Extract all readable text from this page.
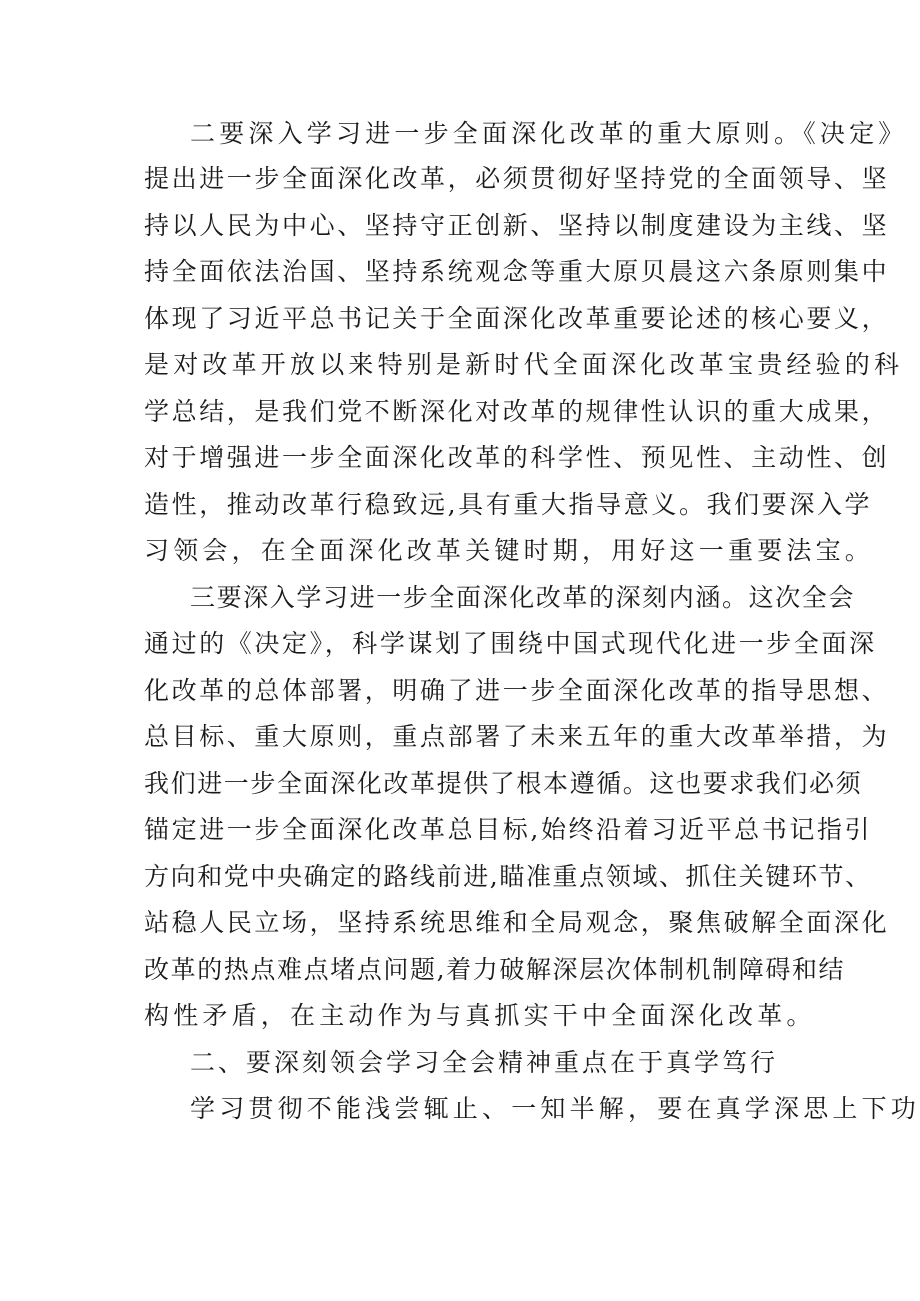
二要深入学习进一步全面深化改革的重大原则。《决定》
提出进一步全面深化改革，必须贯彻好坚持党的全面领导、坚
持以人民为中心、坚持守正创新、坚持以制度建设为主线、坚
持全面依法治国、坚持系统观念等重大原贝晨这六条原则集中
体现了习近平总书记关于全面深化改革重要论述的核心要义，
是对改革开放以来特别是新时代全面深化改革宝贵经验的科
学总结，是我们党不断深化对改革的规律性认识的重大成果，
对于增强进一步全面深化改革的科学性、预见性、主动性、创
造性，推动改革行稳致远,具有重大指导意义。我们要深入学
习领会，在全面深化改革关键时期，用好这一重要法宝。
三要深入学习进一步全面深化改革的深刻内涵。这次全会
通过的《决定》，科学谋划了围绕中国式现代化进一步全面深
化改革的总体部署，明确了进一步全面深化改革的指导思想、
总目标、重大原则，重点部署了未来五年的重大改革举措，为
我们进一步全面深化改革提供了根本遵循。这也要求我们必须
锚定进一步全面深化改革总目标,始终沿着习近平总书记指引
方向和党中央确定的路线前进,瞄准重点领域、抓住关键环节、
站稳人民立场，坚持系统思维和全局观念，聚焦破解全面深化
改革的热点难点堵点问题,着力破解深层次体制机制障碍和结
构性矛盾，在主动作为与真抓实干中全面深化改革。
二、要深刻领会学习全会精神重点在于真学笃行
学习贯彻不能浅尝辄止、一知半解，要在真学深思上下功
